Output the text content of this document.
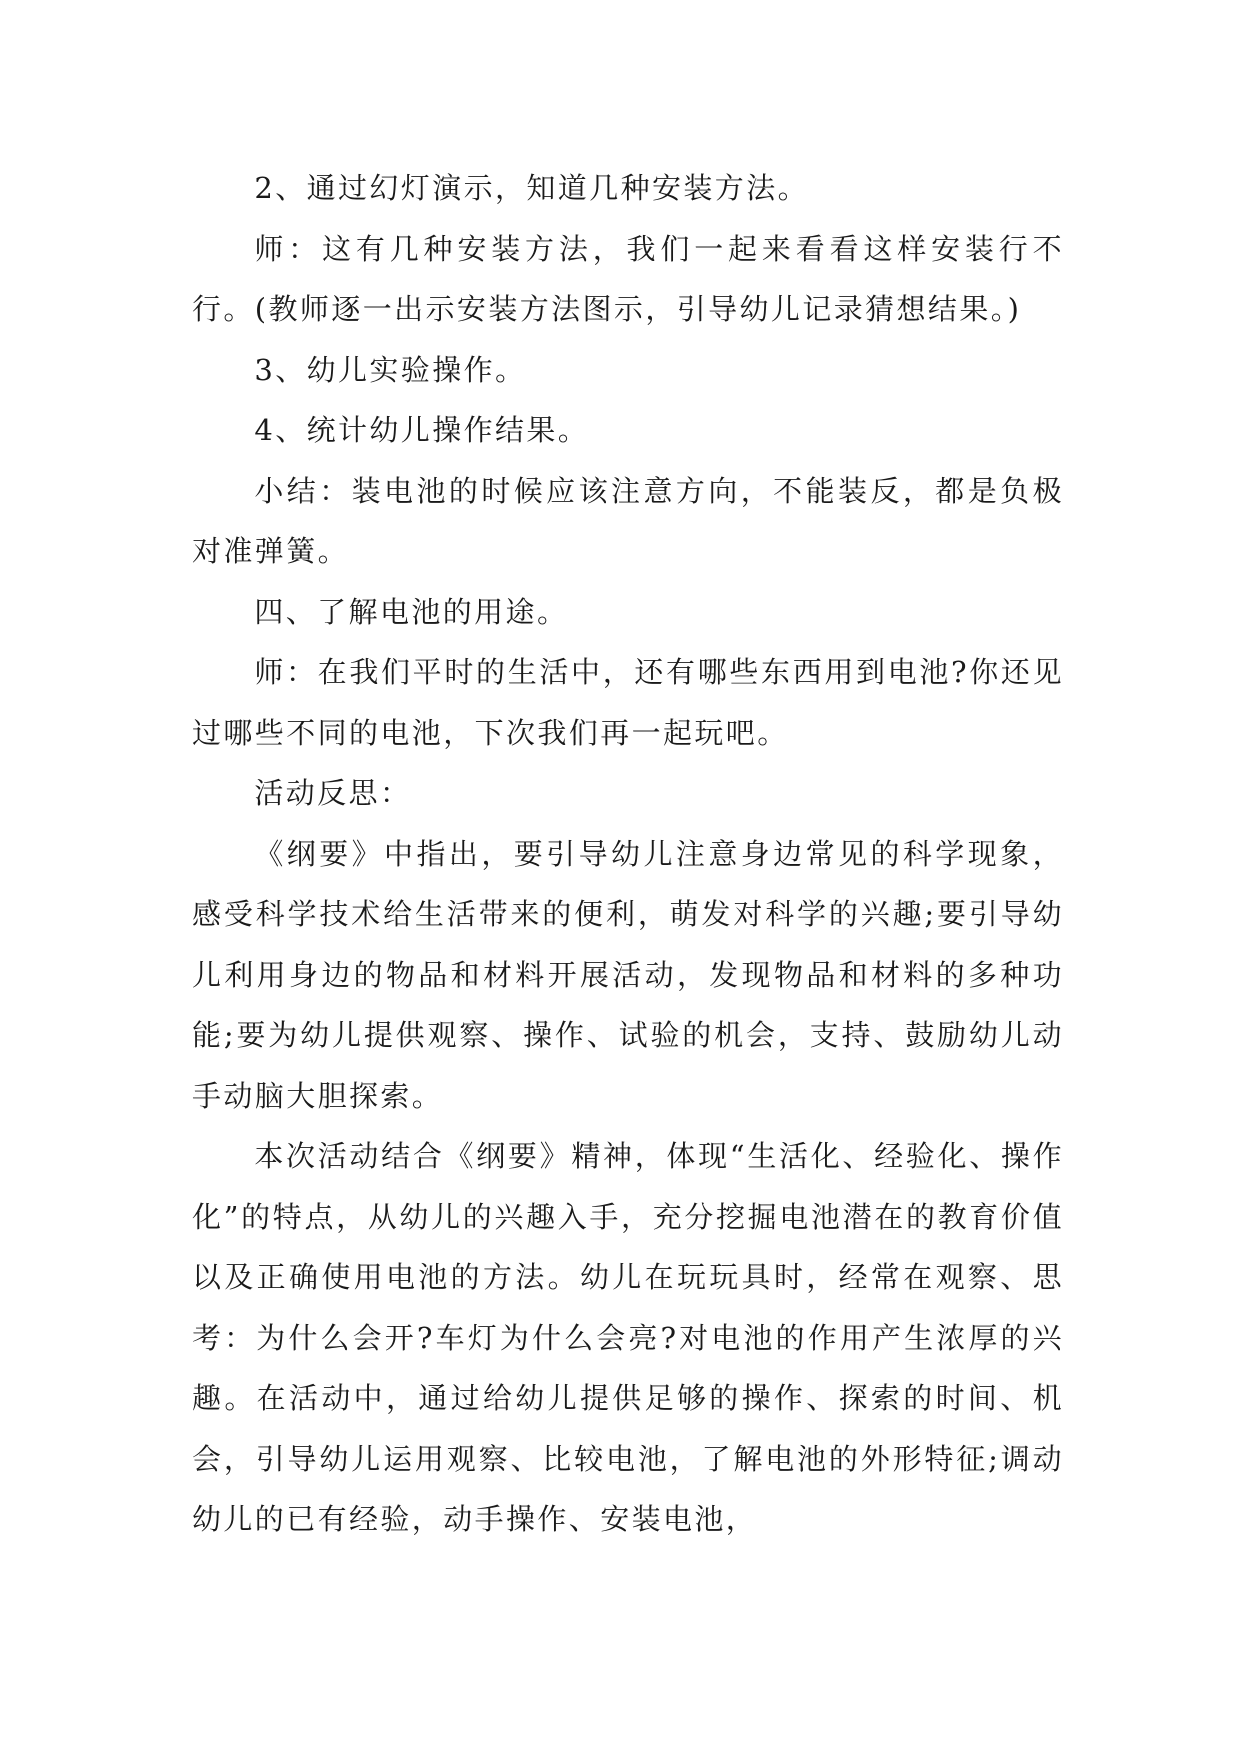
2、通过幻灯演示，知道几种安装方法。

师：这有几种安装方法，我们一起来看看这样安装行不行。(教师逐一出示安装方法图示，引导幼儿记录猜想结果。)

3、幼儿实验操作。

4、统计幼儿操作结果。

小结：装电池的时候应该注意方向，不能装反，都是负极对准弹簧。

四、了解电池的用途。

师：在我们平时的生活中，还有哪些东西用到电池?你还见过哪些不同的电池，下次我们再一起玩吧。

活动反思：

《纲要》中指出，要引导幼儿注意身边常见的科学现象，感受科学技术给生活带来的便利，萌发对科学的兴趣;要引导幼儿利用身边的物品和材料开展活动，发现物品和材料的多种功能;要为幼儿提供观察、操作、试验的机会，支持、鼓励幼儿动手动脑大胆探索。

本次活动结合《纲要》精神，体现“生活化、经验化、操作化”的特点，从幼儿的兴趣入手，充分挖掘电池潜在的教育价值以及正确使用电池的方法。幼儿在玩玩具时，经常在观察、思考：为什么会开?车灯为什么会亮?对电池的作用产生浓厚的兴趣。在活动中，通过给幼儿提供足够的操作、探索的时间、机会，引导幼儿运用观察、比较电池，了解电池的外形特征;调动幼儿的已有经验，动手操作、安装电池，
